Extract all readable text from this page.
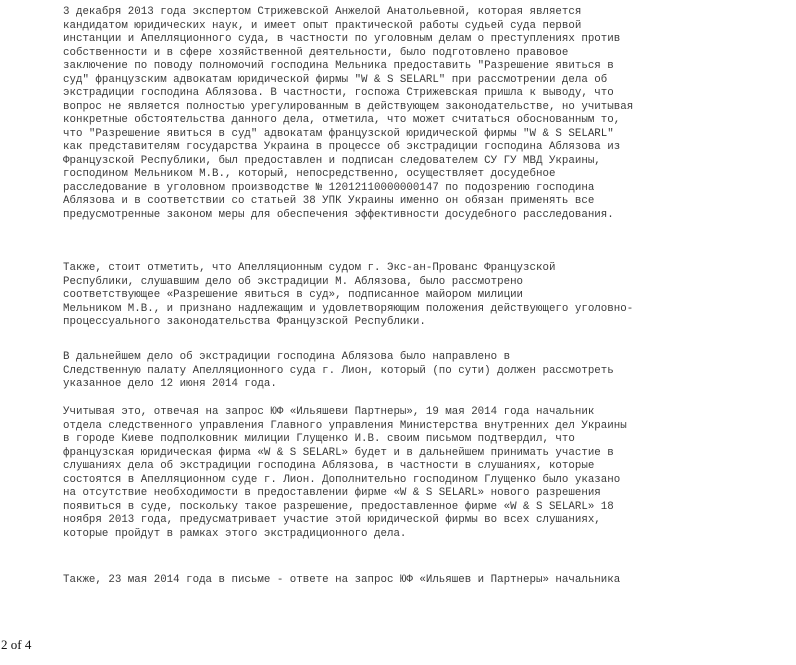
3 декабря 2013 года экспертом Стрижевской Анжелой Анатольевной, которая является
кандидатом юридических наук, и имеет опыт практической работы судьей суда первой
инстанции и Апелляционного суда, в частности по уголовным делам о преступлениях против
собственности и в сфере хозяйственной деятельности, было подготовлено правовое
заключение по поводу полномочий господина Мельника предоставить "Разрешение явиться в
суд" французским адвокатам юридической фирмы "W & S SELARL" при рассмотрении дела об
экстрадиции господина Аблязова. В частности, госпожа Стрижевская пришла к выводу, что
вопрос не является полностью урегулированным в действующем законодательстве, но учитывая
конкретные обстоятельства данного дела, отметила, что может считаться обоснованным то,
что "Разрешение явиться в суд" адвокатам французской юридической фирмы "W & S SELARL"
как представителям государства Украина в процессе об экстрадиции господина Аблязова из
Французской Республики, был предоставлен и подписан следователем СУ ГУ МВД Украины,
господином Мельником М.В., который, непосредственно, осуществляет досудебное
расследование в уголовном производстве № 12012110000000147 по подозрению господина
Аблязова и в соответствии со статьей 38 УПК Украины именно он обязан применять все
предусмотренные законом меры для обеспечения эффективности досудебного расследования.
Также, стоит отметить, что Апелляционным судом г. Экс-ан-Прованс Французской
Республики, слушавшим дело об экстрадиции М. Аблязова, было рассмотрено
соответствующее «Разрешение явиться в суд», подписанное майором милиции
Мельником М.В., и признано надлежащим и удовлетворяющим положения действующего уголовно-
процессуального законодательства Французской Республики.
В дальнейшем дело об экстрадиции господина Аблязова было направлено в
Следственную палату Апелляционного суда г. Лион, который (по сути) должен рассмотреть
указанное дело 12 июня 2014 года.
Учитывая это, отвечая на запрос ЮФ «Ильяшеви Партнеры», 19 мая 2014 года начальник
отдела следственного управления Главного управления Министерства внутренних дел Украины
в городе Киеве подполковник милиции Глущенко И.В. своим письмом подтвердил, что
французская юридическая фирма «W & S SELARL» будет и в дальнейшем принимать участие в
слушаниях дела об экстрадиции господина Аблязова, в частности в слушаниях, которые
состоятся в Апелляционном суде г. Лион. Дополнительно господином Глущенко было указано
на отсутствие необходимости в предоставлении фирме «W & S SELARL» нового разрешения
появиться в суде, поскольку такое разрешение, предоставленное фирме «W & S SELARL» 18
ноября 2013 года, предусматривает участие этой юридической фирмы во всех слушаниях,
которые пройдут в рамках этого экстрадиционного дела.
Также, 23 мая 2014 года в письме - ответе на запрос ЮФ «Ильяшев и Партнеры» начальника
2 of 4
